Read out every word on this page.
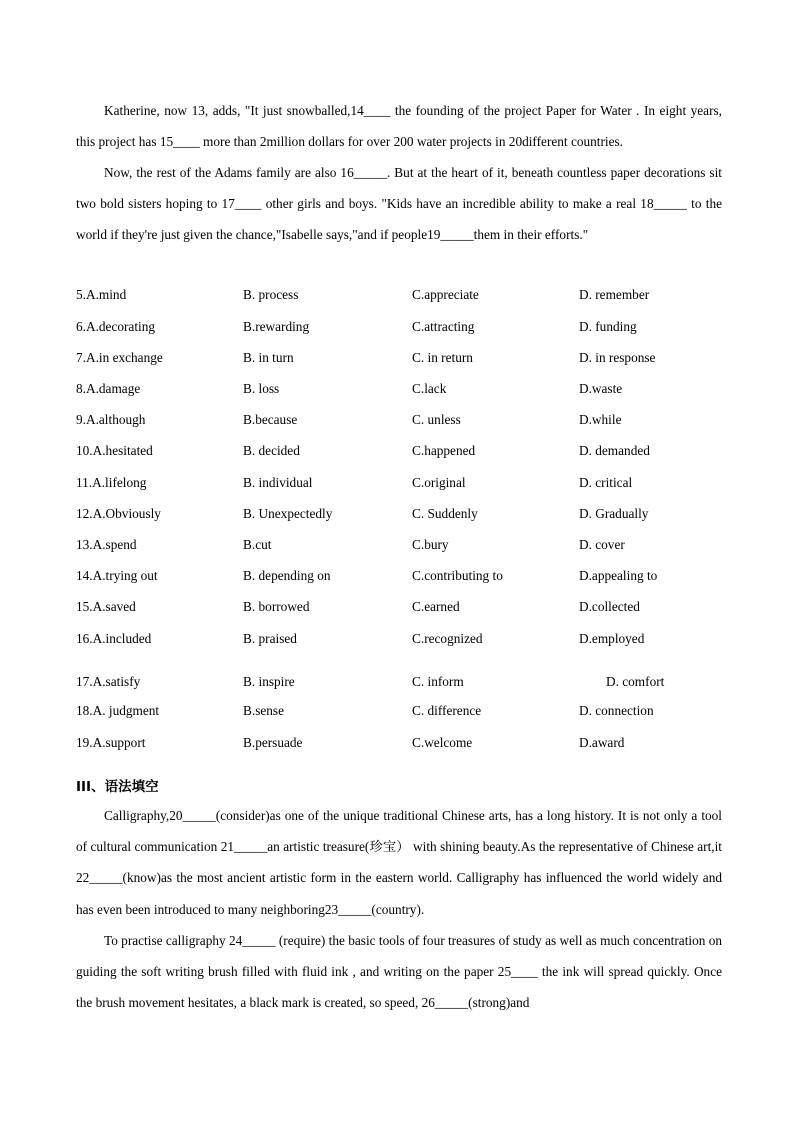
Katherine, now 13, adds, "It just snowballed,14____ the founding of the project Paper for Water . In eight years, this project has 15____ more than 2million dollars for over 200 water projects in 20different countries.

Now, the rest of the Adams family are also 16_____. But at the heart of it, beneath countless paper decorations sit two bold sisters hoping to 17____ other girls and boys. "Kids have an incredible ability to make a real 18_____ to the world if they're just given the chance,"Isabelle says,"and if people19_____them in their efforts."

5.A.mind	B. process	C.appreciate	D. remember
6.A.decorating	B.rewarding	C.attracting	D. funding
7.A.in exchange	B. in turn	C. in return	D. in response
8.A.damage	B. loss	C.lack	D.waste
9.A.although	B.because	C. unless	D.while
10.A.hesitated	B. decided	C.happened	D. demanded
11.A.lifelong	B. individual	C.original	D. critical
12.A.Obviously	B. Unexpectedly	C. Suddenly	D. Gradually
13.A.spend	B.cut	C.bury	D. cover
14.A.trying out	B. depending on	C.contributing to	D.appealing to
15.A.saved	B. borrowed	C.earned	D.collected
16.A.included	B. praised	C.recognized	D.employed
17.A.satisfy	B. inspire	C. inform	D. comfort
18.A. judgment	B.sense	C. difference	D. connection
19.A.support	B.persuade	C.welcome	D.award
III、语法填空

Calligraphy,20_____(consider)as one of the unique traditional Chinese arts, has a long history. It is not only a tool of cultural communication 21_____an artistic treasure(珍宝） with shining beauty.As the representative of Chinese art,it 22_____(know)as the most ancient artistic form in the eastern world. Calligraphy has influenced the world widely and has even been introduced to many neighboring23_____(country).

To practise calligraphy 24_____ (require) the basic tools of four treasures of study as well as much concentration on guiding the soft writing brush filled with fluid ink , and writing on the paper 25____ the ink will spread quickly. Once the brush movement hesitates, a black mark is created, so speed, 26_____(strong)and
